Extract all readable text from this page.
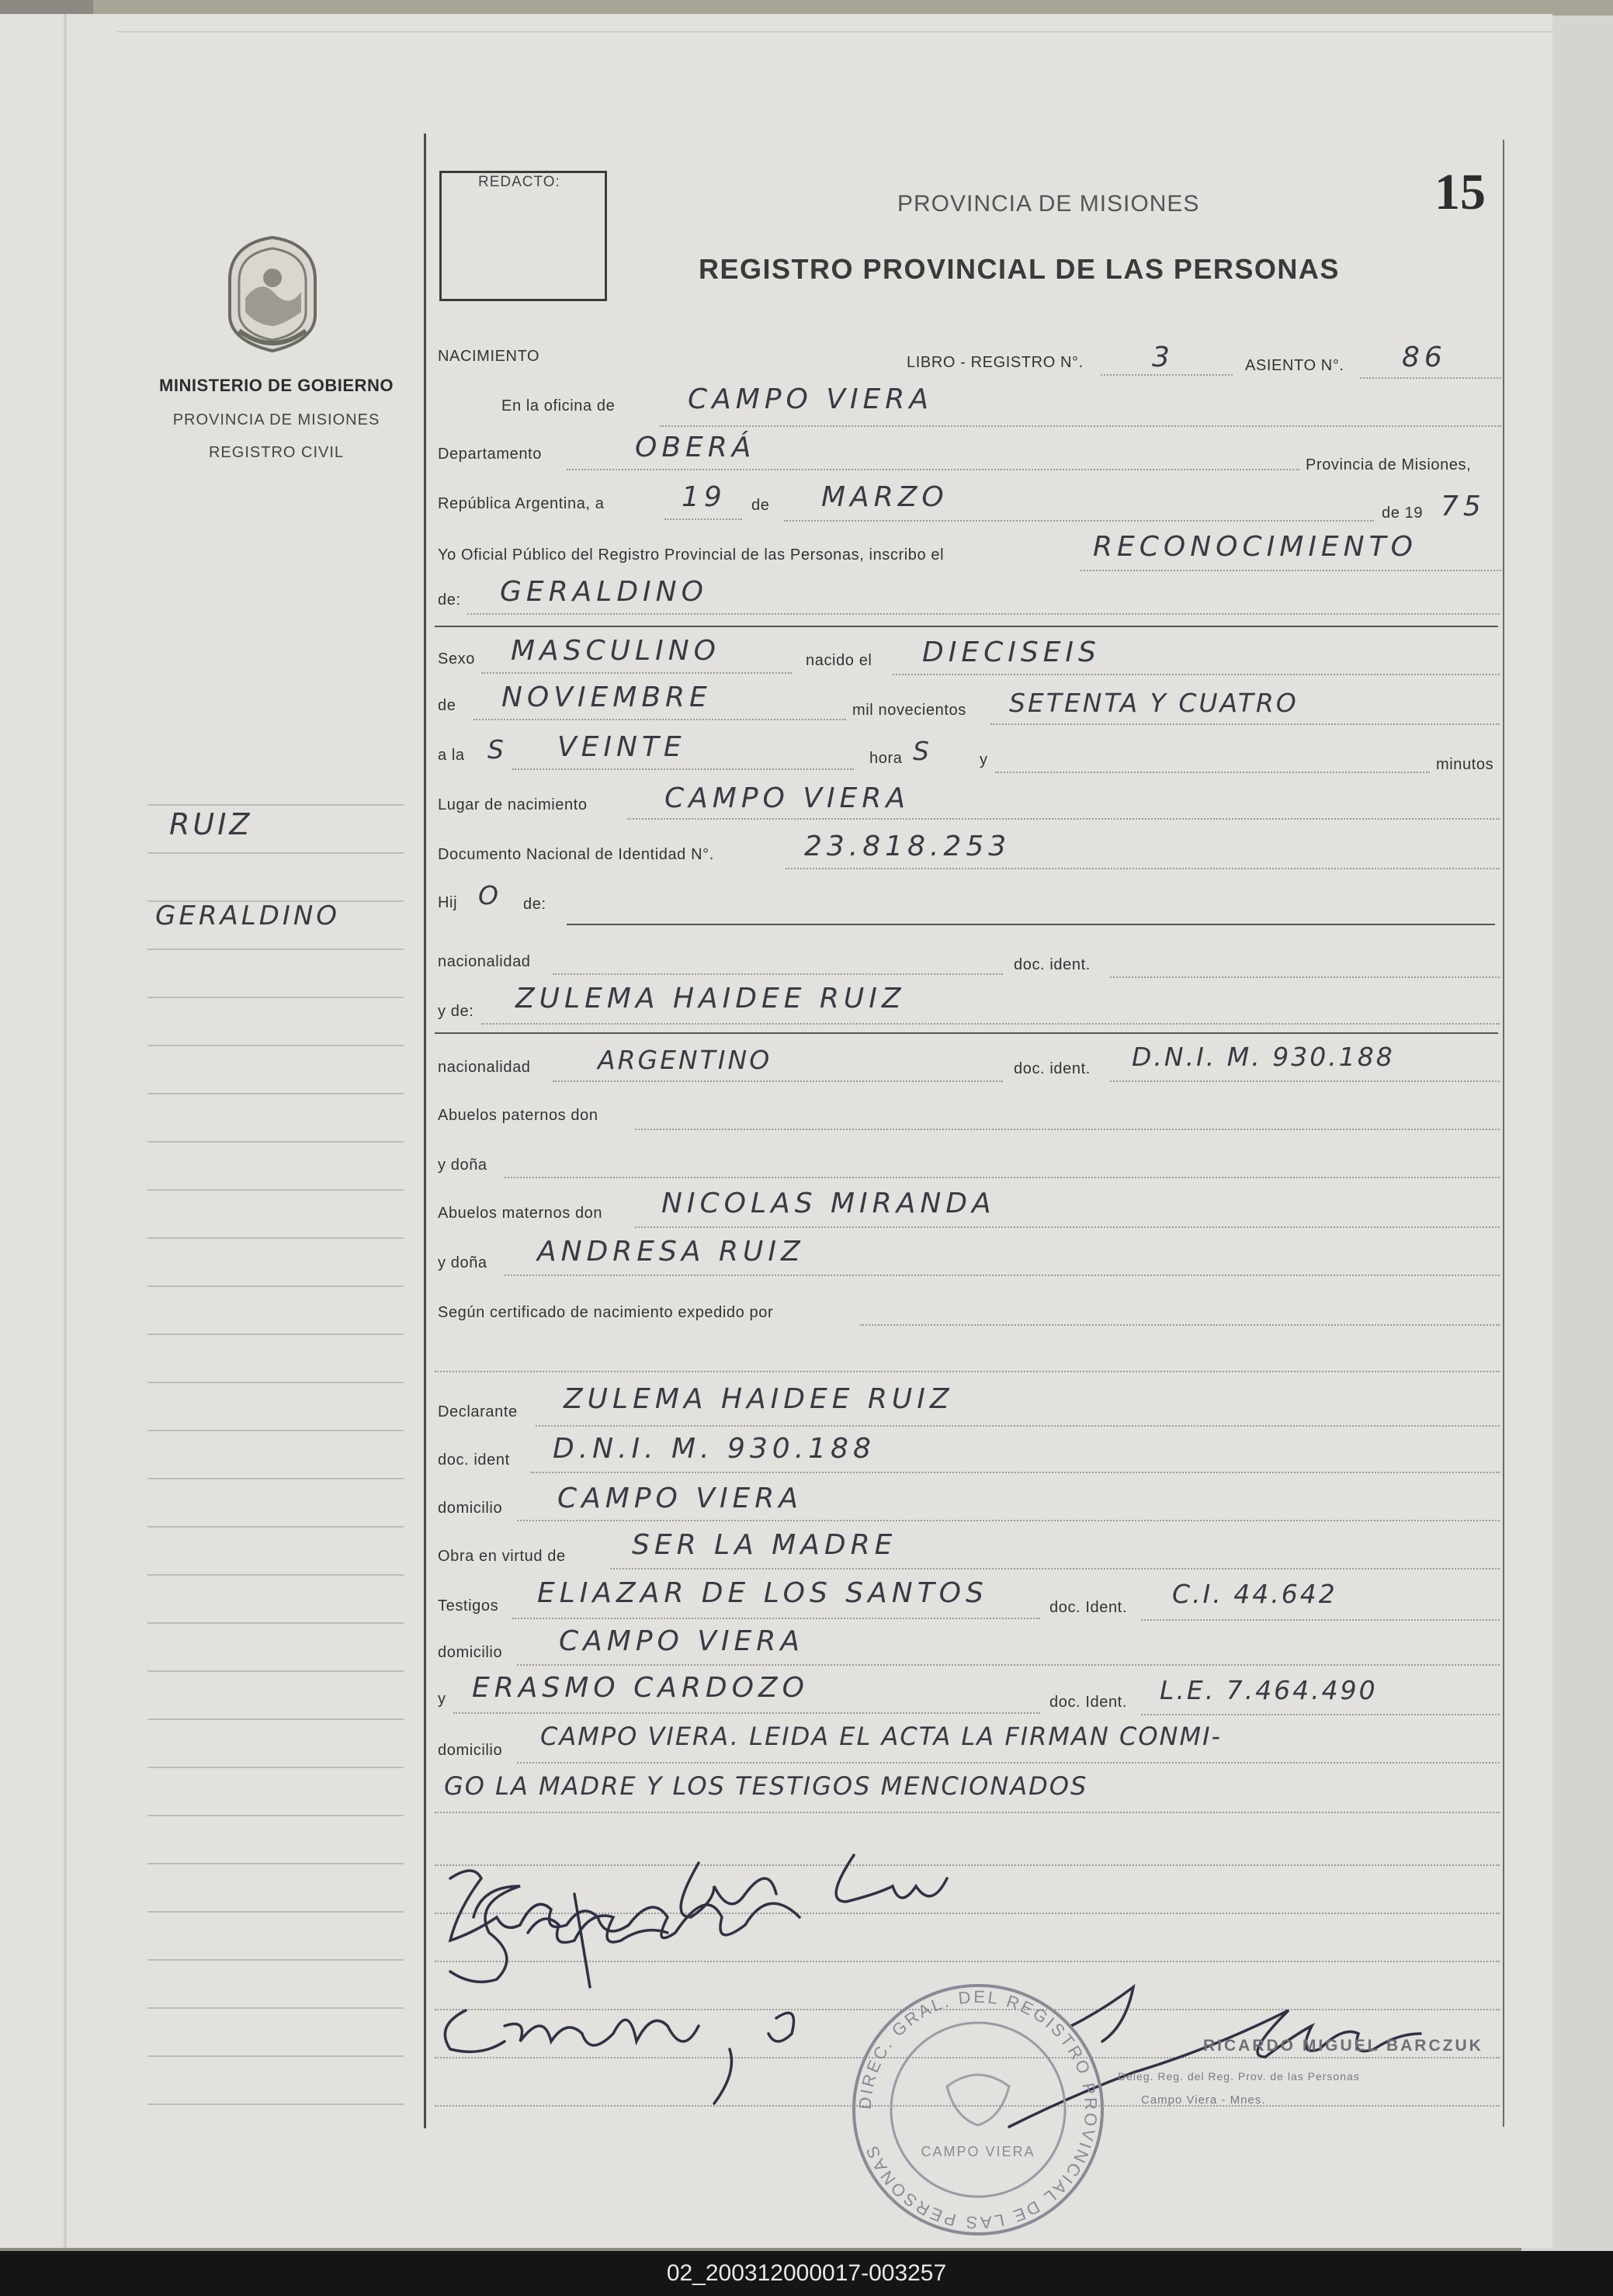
MINISTERIO DE GOBIERNO
PROVINCIA DE MISIONES
REGISTRO CIVIL
RUIZ
GERALDINO
REDACTO:
PROVINCIA DE MISIONES	15
REGISTRO PROVINCIAL DE LAS PERSONAS
NACIMIENTO	LIBRO - REGISTRO N°. 3	ASIENTO N°. 86
En la oficina de	CAMPO VIERA
Departamento	OBERÁ
Provincia de Misiones,
República Argentina, a	19 de MARZO	de 19 75
Yo Oficial Público del Registro Provincial de las Personas, inscribo el	RECONOCIMIENTO
de: GERALDINO
Sexo MASCULINO	nacido el DIECISEIS
de NOVIEMBRE	mil novecientos SETENTA Y CUATRO
a la S VEINTE	hora S	y	minutos
Lugar de nacimiento	CAMPO VIERA
Documento Nacional de Identidad N°.	23.818.253
Hij O de:
nacionalidad	doc. ident.
y de: ZULEMA HAIDEE RUIZ
nacionalidad	ARGENTINO	doc. ident. D.N.I. M. 930.188
Abuelos paternos don
y doña
Abuelos maternos don NICOLAS MIRANDA
y doña ANDRESA RUIZ
Según certificado de nacimiento expedido por
Declarante ZULEMA HAIDEE RUIZ
doc. ident D.N.I. M. 930.188
domicilio CAMPO VIERA
Obra en virtud de SER LA MADRE
Testigos ELIAZAR DE LOS SANTOS	doc. Ident. C.I. 44.642
domicilio CAMPO VIERA
y ERASMO CARDOZO	doc. Ident. L.E. 7.464.490
domicilio CAMPO VIERA. LEIDA EL ACTA LA FIRMAN CONMI-
GO LA MADRE Y LOS TESTIGOS MENCIONADOS
RICARDO MIGUEL BARCZUK
Deleg. Reg. del Reg. Prov. de las Personas
Campo Viera - Mnes.
DIREC. GRAL. DEL REGISTRO PROVINCIAL DE LAS PERSONAS	CAMPO VIERA
02_200312000017-003257
